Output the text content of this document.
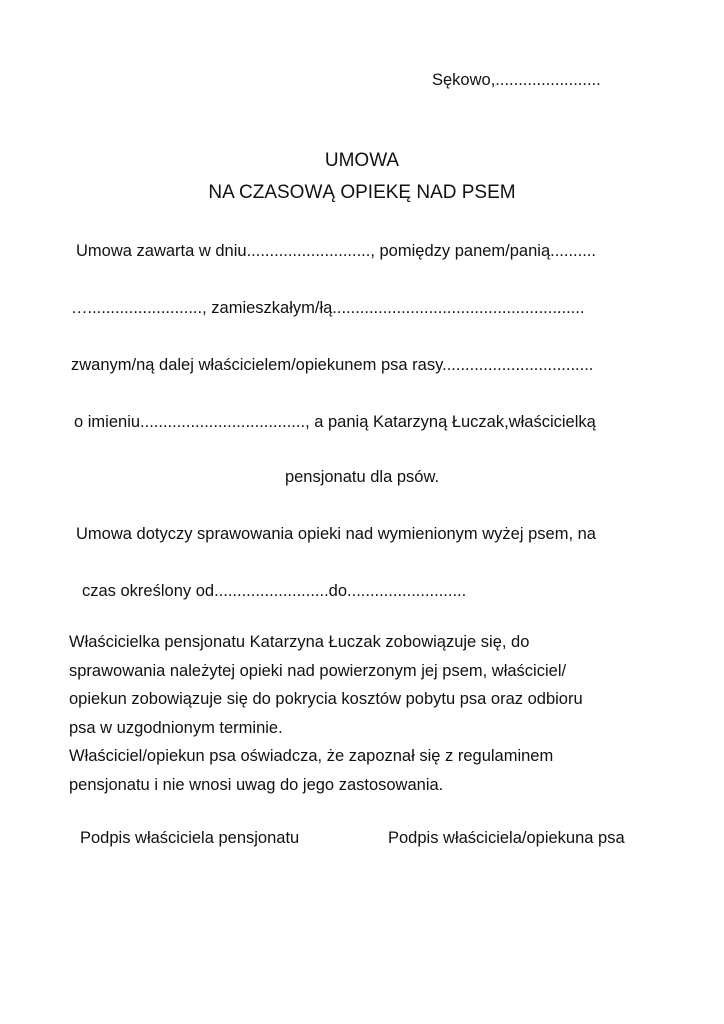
Sękowo,.......................
UMOWA
NA CZASOWĄ OPIEKĘ NAD PSEM
Umowa zawarta w dniu..........................., pomiędzy panem/panią..........
…........................., zamieszkałym/łą.......................................................
zwanym/ną dalej właścicielem/opiekunem psa rasy.................................
o imieniu...................................., a panią Katarzyną Łuczak,właścicielką
pensjonatu dla psów.
Umowa dotyczy sprawowania opieki nad wymienionym wyżej psem, na
czas określony od.........................do..........................
Właścicielka pensjonatu Katarzyna Łuczak zobowiązuje się, do
sprawowania należytej opieki nad powierzonym jej psem, właściciel/
opiekun zobowiązuje się do pokrycia kosztów pobytu psa oraz odbioru
psa w uzgodnionym terminie.
Właściciel/opiekun psa oświadcza, że zapoznał się z regulaminem
pensjonatu i nie wnosi uwag do jego zastosowania.
Podpis właściciela pensjonatu	Podpis właściciela/opiekuna psa
